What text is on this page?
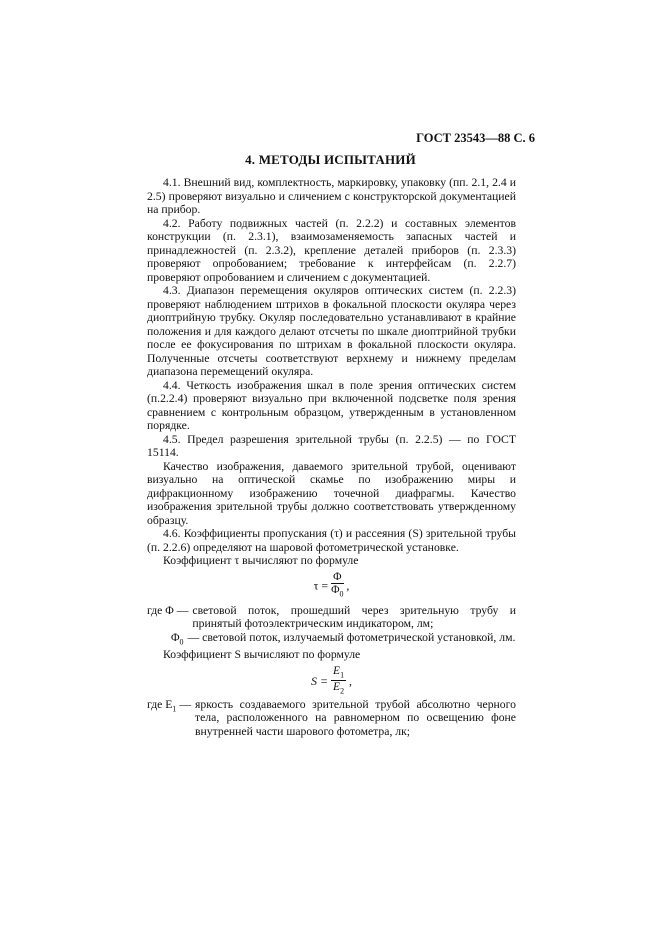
ГОСТ 23543—88 С. 6
4. МЕТОДЫ ИСПЫТАНИЙ

4.1. Внешний вид, комплектность, маркировку, упаковку (пп. 2.1, 2.4 и 2.5) проверяют визуально и сличением с конструкторской документацией на прибор.

4.2. Работу подвижных частей (п. 2.2.2) и составных элементов конструкции (п. 2.3.1), взаимозаменяемость запасных частей и принадлежностей (п. 2.3.2), крепление деталей приборов (п. 2.3.3) проверяют опробованием; требование к интерфейсам (п. 2.2.7) проверяют опробованием и сличением с документацией.

4.3. Диапазон перемещения окуляров оптических систем (п. 2.2.3) проверяют наблюдением штрихов в фокальной плоскости окуляра через диоптрийную трубку. Окуляр последовательно устанавливают в крайние положения и для каждого делают отсчеты по шкале диоптрийной трубки после ее фокусирования по штрихам в фокальной плоскости окуляра. Полученные отсчеты соответствуют верхнему и нижнему пределам диапазона перемещений окуляра.

4.4. Четкость изображения шкал в поле зрения оптических систем (п.2.2.4) проверяют визуально при включенной подсветке поля зрения сравнением с контрольным образцом, утвержденным в установленном порядке.

4.5. Предел разрешения зрительной трубы (п. 2.2.5) — по ГОСТ 15114.

Качество изображения, даваемого зрительной трубой, оценивают визуально на оптической скамье по изображению миры и дифракционному изображению точечной диафрагмы. Качество изображения зрительной трубы должно соответствовать утвержденному образцу.

4.6. Коэффициенты пропускания (τ) и рассеяния (S) зрительной трубы (п. 2.2.6) определяют на шаровой фотометрической установке.

Коэффициент τ вычисляют по формуле

$\tau = \frac{\Phi}{\Phi_0}$ ,
где Φ — световой поток, прошедший через зрительную трубу и принятый фотоэлектрическим индикатором, лм;
$\Phi_0$ — световой поток, излучаемый фотометрической установкой, лм.

Коэффициент S вычисляют по формуле

$S = \frac{E_1}{E_2}$ ,
где $E_1$ — яркость создаваемого зрительной трубой абсолютно черного тела, расположенного на равномерном по освещению фоне внутренней части шарового фотометра, лк;
